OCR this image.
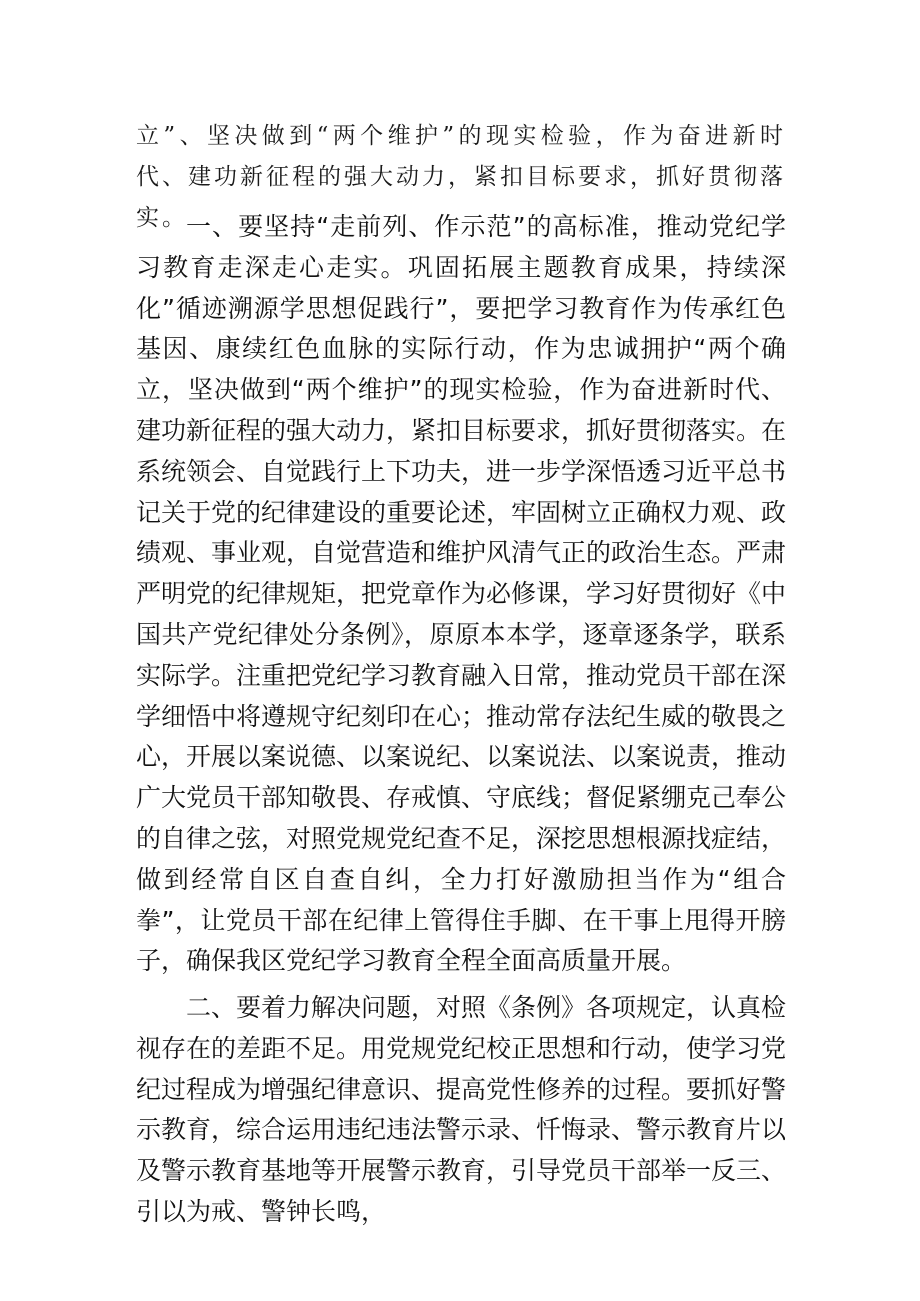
立”、坚决做到“两个维护”的现实检验，作为奋进新时代、建功新征程的强大动力，紧扣目标要求，抓好贯彻落实。

一、要坚持“走前列、作示范”的高标准，推动党纪学习教育走深走心走实。巩固拓展主题教育成果，持续深化”循迹溯源学思想促践行”，要把学习教育作为传承红色基因、康续红色血脉的实际行动，作为忠诚拥护“两个确立，坚决做到“两个维护”的现实检验，作为奋进新时代、建功新征程的强大动力，紧扣目标要求，抓好贯彻落实。在系统领会、自觉践行上下功夫，进一步学深悟透习近平总书记关于党的纪律建设的重要论述，牢固树立正确权力观、政绩观、事业观，自觉营造和维护风清气正的政治生态。严肃严明党的纪律规矩，把党章作为必修课，学习好贯彻好《中国共产党纪律处分条例》，原原本本学，逐章逐条学，联系实际学。注重把党纪学习教育融入日常，推动党员干部在深学细悟中将遵规守纪刻印在心；推动常存法纪生威的敬畏之心，开展以案说德、以案说纪、以案说法、以案说责，推动广大党员干部知敬畏、存戒慎、守底线；督促紧绷克己奉公的自律之弦，对照党规党纪查不足，深挖思想根源找症结，做到经常自区自查自纠，全力打好激励担当作为“组合拳”，让党员干部在纪律上管得住手脚、在干事上甩得开膀子，确保我区党纪学习教育全程全面高质量开展。

二、要着力解决问题，对照《条例》各项规定，认真检视存在的差距不足。用党规党纪校正思想和行动，使学习党纪过程成为增强纪律意识、提高党性修养的过程。要抓好警示教育，综合运用违纪违法警示录、忏悔录、警示教育片以及警示教育基地等开展警示教育，引导党员干部举一反三、引以为戒、警钟长鸣，
